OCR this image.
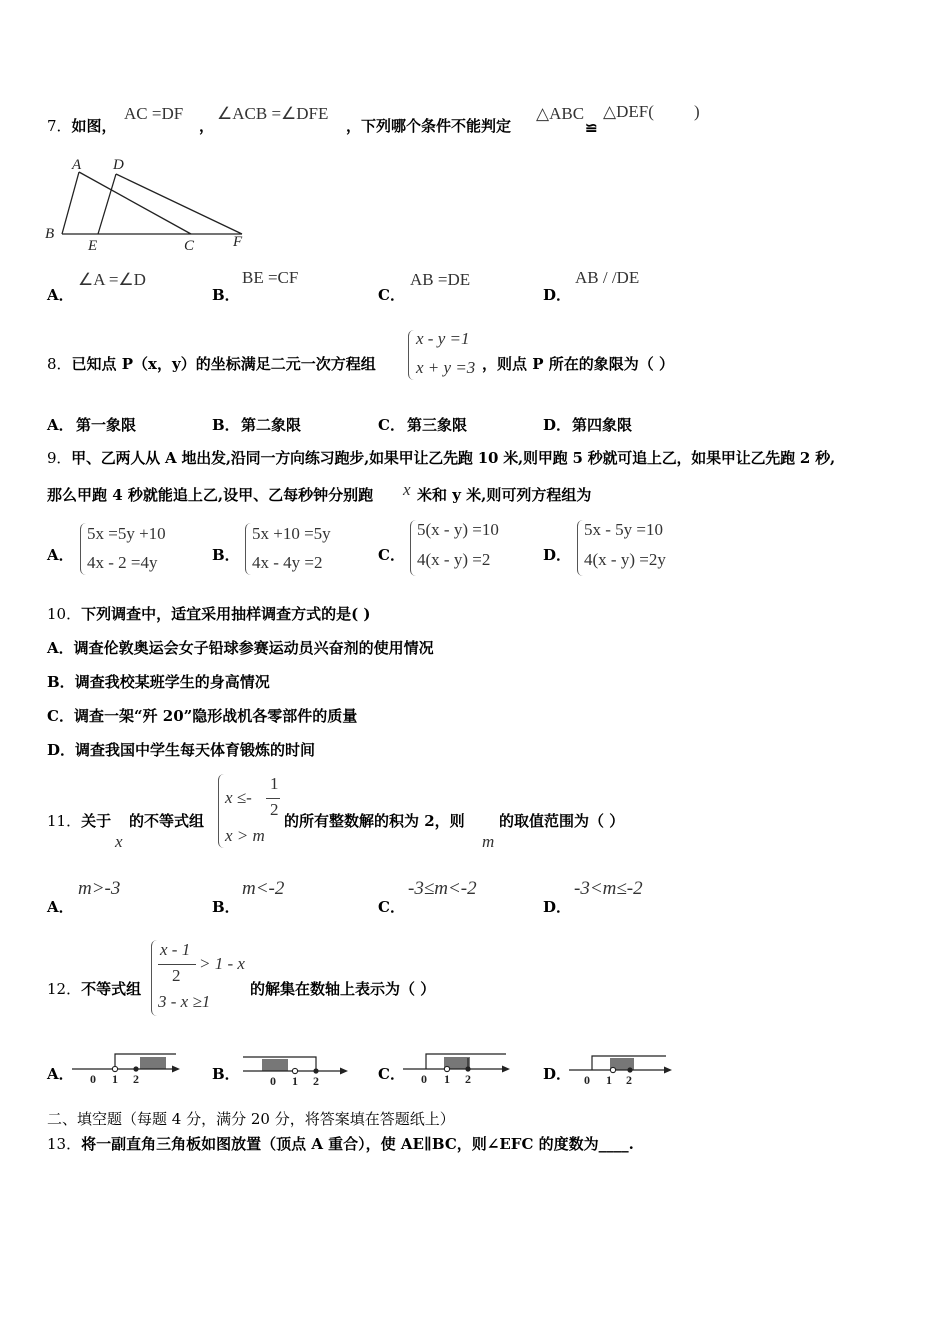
7．如图，
AC =DF
，
∠ACB =∠DFE
，下列哪个条件不能判定
△ABC
≌
△DEF( )
A D
B
E	C	F
A．
∠A =∠D
B．
BE =CF
C．
AB =DE
D．
AB / /DE
8．已知点 P（x，y）的坐标满足二元一次方程组
x - y =1
x + y =3 ，则点 P 所在的象限为（ ）
A． 第一象限	B． 第二象限	C． 第三象限	D． 第四象限
9．甲、乙两人从 A 地出发,沿同一方向练习跑步,如果甲让乙先跑 10 米,则甲跑 5 秒就可追上乙，如果甲让乙先跑 2 秒,
那么甲跑 4 秒就能追上乙,设甲、乙每秒钟分别跑 x 米和 y 米,则可列方程组为
A．
5x =5y +10
4x - 2 =4y	B．
5x +10 =5y
4x - 4y =2	C．
5(x - y) =10
4(x - y) =2	D．
5x - 5y =10
4(x - y) =2y
10．下列调查中，适宜采用抽样调查方式的是( )
A．调查伦敦奥运会女子铅球参赛运动员兴奋剂的使用情况
B．调查我校某班学生的身高情况
C．调查一架“歼 20”隐形战机各零部件的质量
D．调查我国中学生每天体育锻炼的时间
11．关于
x
的不等式组
x ≤-
1
2
x > m
的所有整数解的积为 2，则
m
的取值范围为（ ）
A．
m>-3
B．
m<-2
C．
-3≤m<-2
D．
-3<m≤-2
12．不等式组
x - 1
2
> 1 - x
3 - x ≥1
的解集在数轴上表示为（ ）
A． 0 1 2	B．	0 1 2	C． 0 1 2	D． 0 1 2
二、填空题（每题 4 分，满分 20 分，将答案填在答题纸上）
13．将一副直角三角板如图放置（顶点 A 重合），使 AE∥BC，则∠EFC 的度数为____.
